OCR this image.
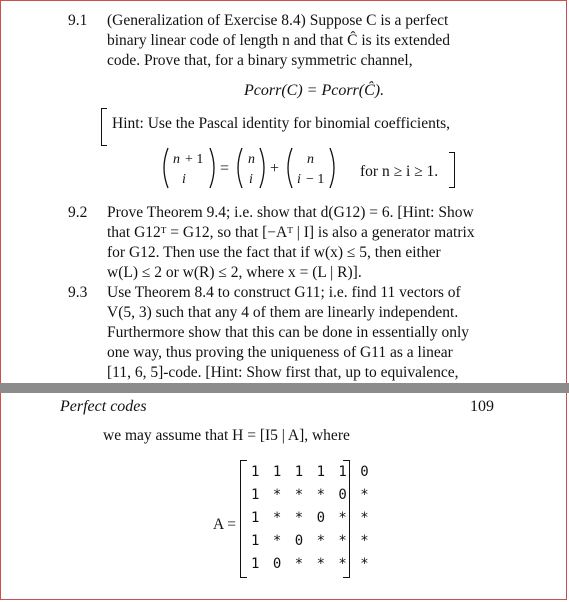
9.1 (Generalization of Exercise 8.4) Suppose C is a perfect
binary linear code of length n and that Ĉ is its extended
code. Prove that, for a binary symmetric channel,
Pcorr(C) = Pcorr(Ĉ).
Hint: Use the Pascal identity for binomial coefficients,
n + 1
i
=
n
i
+
n
i − 1 for n ≥ i ≥ 1.
9.2 Prove Theorem 9.4; i.e. show that d(G12) = 6. [Hint: Show
that G12ᵀ = G12, so that [−Aᵀ | I] is also a generator matrix
for G12. Then use the fact that if w(x) ≤ 5, then either
w(L) ≤ 2 or w(R) ≤ 2, where x = (L | R)].
9.3 Use Theorem 8.4 to construct G11; i.e. find 11 vectors of
V(5, 3) such that any 4 of them are linearly independent.
Furthermore show that this can be done in essentially only
one way, thus proving the uniqueness of G11 as a linear
[11, 6, 5]-code. [Hint: Show first that, up to equivalence,
Perfect codes	109
we may assume that H = [I5 | A], where
A =
1 1 1 1 1 0
1 * * * 0 *
1 * * 0 * *
1 * 0 * * *
1 0 * * * *
